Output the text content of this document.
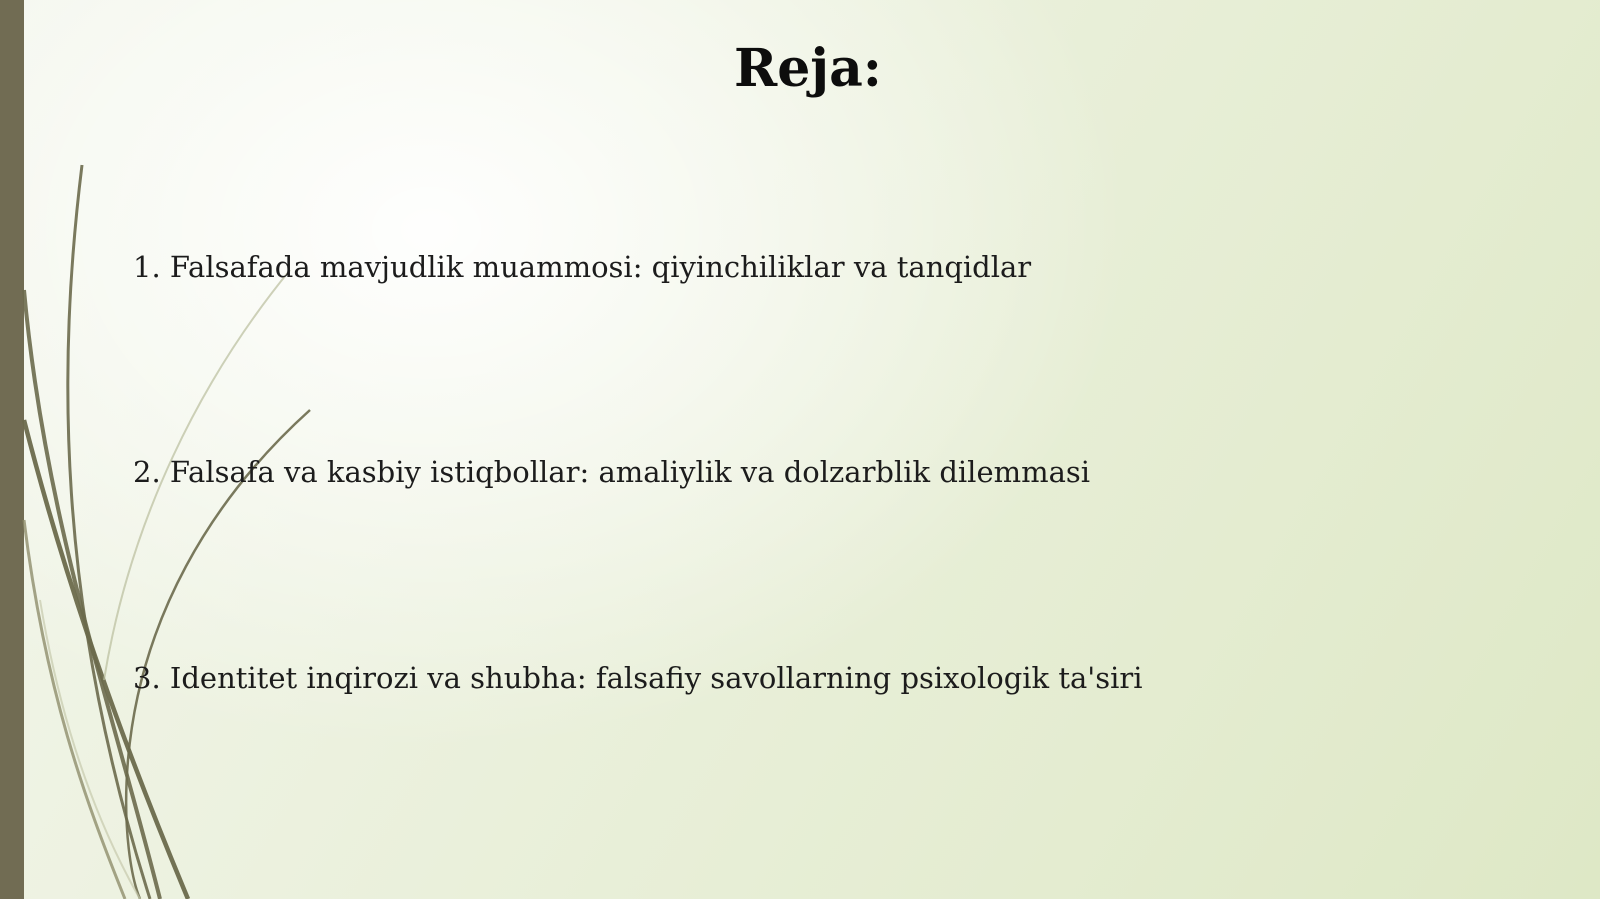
Reja:

1. Falsafada mavjudlik muammosi: qiyinchiliklar va tanqidlar

2. Falsafa va kasbiy istiqbollar: amaliylik va dolzarblik dilemmasi

3. Identitet inqirozi va shubha: falsafiy savollarning psixologik ta'siri
